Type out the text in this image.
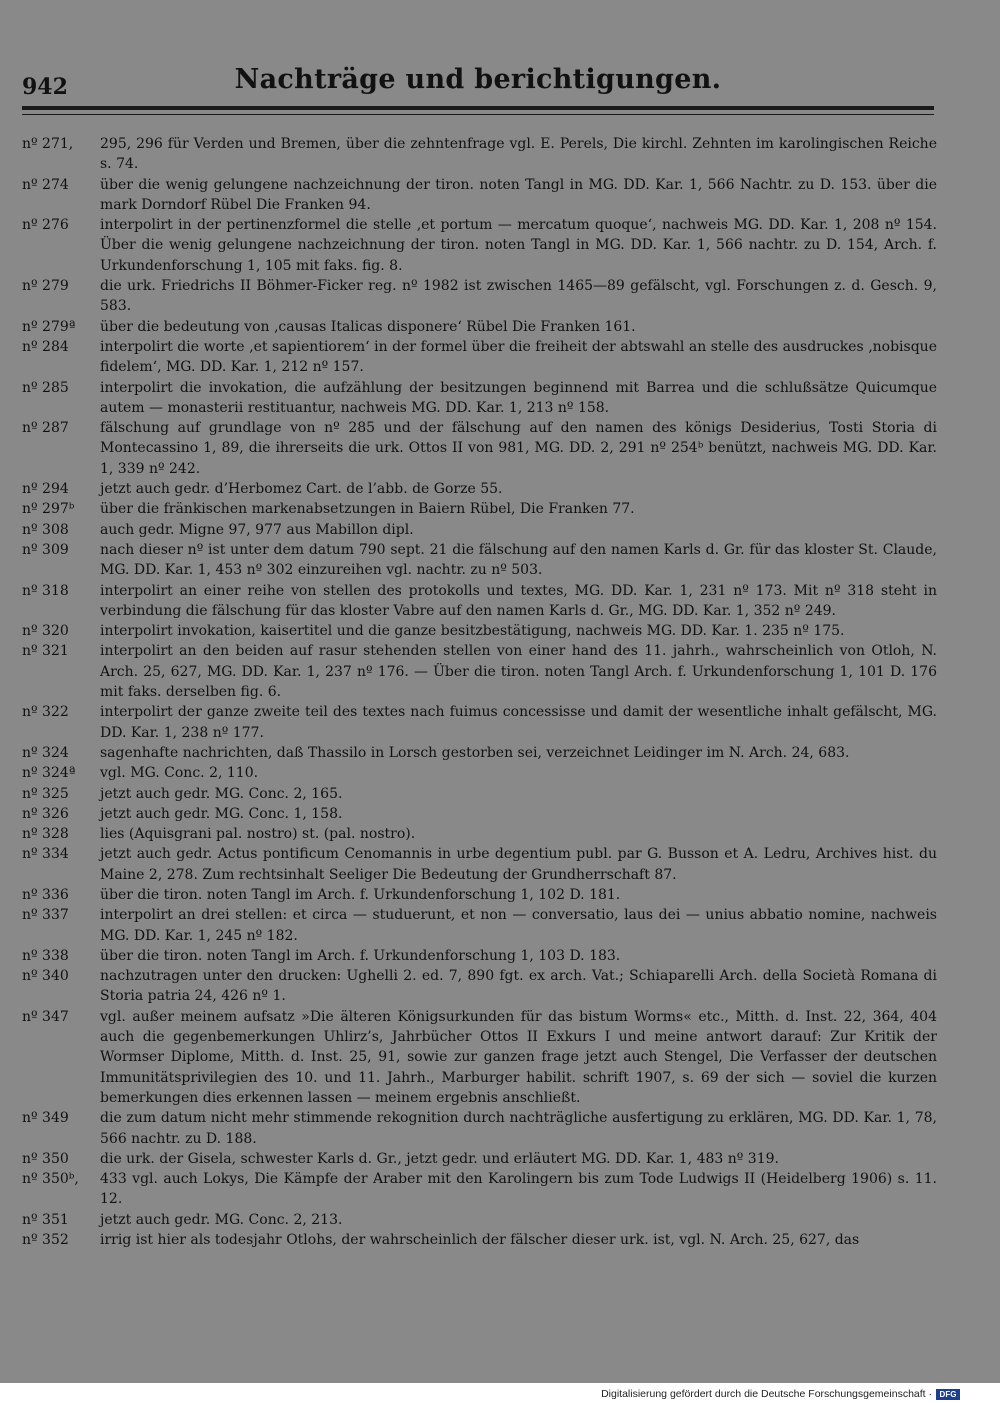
942	Nachträge und berichtigungen.
nº 271,	295, 296 für Verden und Bremen, über die zehntenfrage vgl. E. Perels, Die kirchl. Zehnten im karolingischen Reiche s. 74.
nº 274	über die wenig gelungene nachzeichnung der tiron. noten Tangl in MG. DD. Kar. 1, 566 Nachtr. zu D. 153. über die mark Dorndorf Rübel Die Franken 94.
nº 276	interpolirt in der pertinenzformel die stelle ‚et portum — mercatum quoque‘, nachweis MG. DD. Kar. 1, 208 nº 154. Über die wenig gelungene nachzeichnung der tiron. noten Tangl in MG. DD. Kar. 1, 566 nachtr. zu D. 154, Arch. f. Urkundenforschung 1, 105 mit faks. fig. 8.
nº 279	die urk. Friedrichs II Böhmer-Ficker reg. nº 1982 ist zwischen 1465—89 gefälscht, vgl. Forschungen z. d. Gesch. 9, 583.
nº 279ª	über die bedeutung von ‚causas Italicas disponere‘ Rübel Die Franken 161.
nº 284	interpolirt die worte ‚et sapientiorem‘ in der formel über die freiheit der abtswahl an stelle des ausdruckes ‚nobisque fidelem‘, MG. DD. Kar. 1, 212 nº 157.
nº 285	interpolirt die invokation, die aufzählung der besitzungen beginnend mit Barrea und die schlußsätze Quicumque autem — monasterii restituantur, nachweis MG. DD. Kar. 1, 213 nº 158.
nº 287	fälschung auf grundlage von nº 285 und der fälschung auf den namen des königs Desiderius, Tosti Storia di Montecassino 1, 89, die ihrerseits die urk. Ottos II von 981, MG. DD. 2, 291 nº 254ᵇ benützt, nachweis MG. DD. Kar. 1, 339 nº 242.
nº 294	jetzt auch gedr. d’Herbomez Cart. de l’abb. de Gorze 55.
nº 297ᵇ	über die fränkischen markenabsetzungen in Baiern Rübel, Die Franken 77.
nº 308	auch gedr. Migne 97, 977 aus Mabillon dipl.
nº 309	nach dieser nº ist unter dem datum 790 sept. 21 die fälschung auf den namen Karls d. Gr. für das kloster St. Claude, MG. DD. Kar. 1, 453 nº 302 einzureihen vgl. nachtr. zu nº 503.
nº 318	interpolirt an einer reihe von stellen des protokolls und textes, MG. DD. Kar. 1, 231 nº 173. Mit nº 318 steht in verbindung die fälschung für das kloster Vabre auf den namen Karls d. Gr., MG. DD. Kar. 1, 352 nº 249.
nº 320	interpolirt invokation, kaisertitel und die ganze besitzbestätigung, nachweis MG. DD. Kar. 1. 235 nº 175.
nº 321	interpolirt an den beiden auf rasur stehenden stellen von einer hand des 11. jahrh., wahrscheinlich von Otloh, N. Arch. 25, 627, MG. DD. Kar. 1, 237 nº 176. — Über die tiron. noten Tangl Arch. f. Urkundenforschung 1, 101 D. 176 mit faks. derselben fig. 6.
nº 322	interpolirt der ganze zweite teil des textes nach fuimus concessisse und damit der wesentliche inhalt gefälscht, MG. DD. Kar. 1, 238 nº 177.
nº 324	sagenhafte nachrichten, daß Thassilo in Lorsch gestorben sei, verzeichnet Leidinger im N. Arch. 24, 683.
nº 324ª	vgl. MG. Conc. 2, 110.
nº 325	jetzt auch gedr. MG. Conc. 2, 165.
nº 326	jetzt auch gedr. MG. Conc. 1, 158.
nº 328	lies (Aquisgrani pal. nostro) st. (pal. nostro).
nº 334	jetzt auch gedr. Actus pontificum Cenomannis in urbe degentium publ. par G. Busson et A. Ledru, Archives hist. du Maine 2, 278. Zum rechtsinhalt Seeliger Die Bedeutung der Grundherrschaft 87.
nº 336	über die tiron. noten Tangl im Arch. f. Urkundenforschung 1, 102 D. 181.
nº 337	interpolirt an drei stellen: et circa — studuerunt, et non — conversatio, laus dei — unius abbatio nomine, nachweis MG. DD. Kar. 1, 245 nº 182.
nº 338	über die tiron. noten Tangl im Arch. f. Urkundenforschung 1, 103 D. 183.
nº 340	nachzutragen unter den drucken: Ughelli 2. ed. 7, 890 fgt. ex arch. Vat.; Schiaparelli Arch. della Società Romana di Storia patria 24, 426 nº 1.
nº 347	vgl. außer meinem aufsatz »Die älteren Königsurkunden für das bistum Worms« etc., Mitth. d. Inst. 22, 364, 404 auch die gegenbemerkungen Uhlirz’s, Jahrbücher Ottos II Exkurs I und meine antwort darauf: Zur Kritik der Wormser Diplome, Mitth. d. Inst. 25, 91, sowie zur ganzen frage jetzt auch Stengel, Die Verfasser der deutschen Immunitätsprivilegien des 10. und 11. Jahrh., Marburger habilit. schrift 1907, s. 69 der sich — soviel die kurzen bemerkungen dies erkennen lassen — meinem ergebnis anschließt.
nº 349	die zum datum nicht mehr stimmende rekognition durch nachträgliche ausfertigung zu erklären, MG. DD. Kar. 1, 78, 566 nachtr. zu D. 188.
nº 350	die urk. der Gisela, schwester Karls d. Gr., jetzt gedr. und erläutert MG. DD. Kar. 1, 483 nº 319.
nº 350ᵇ,	433 vgl. auch Lokys, Die Kämpfe der Araber mit den Karolingern bis zum Tode Ludwigs II (Heidelberg 1906) s. 11. 12.
nº 351	jetzt auch gedr. MG. Conc. 2, 213.
nº 352	irrig ist hier als todesjahr Otlohs, der wahrscheinlich der fälscher dieser urk. ist, vgl. N. Arch. 25, 627, das
Digitalisierung gefördert durch die Deutsche Forschungsgemeinschaft · DFG
